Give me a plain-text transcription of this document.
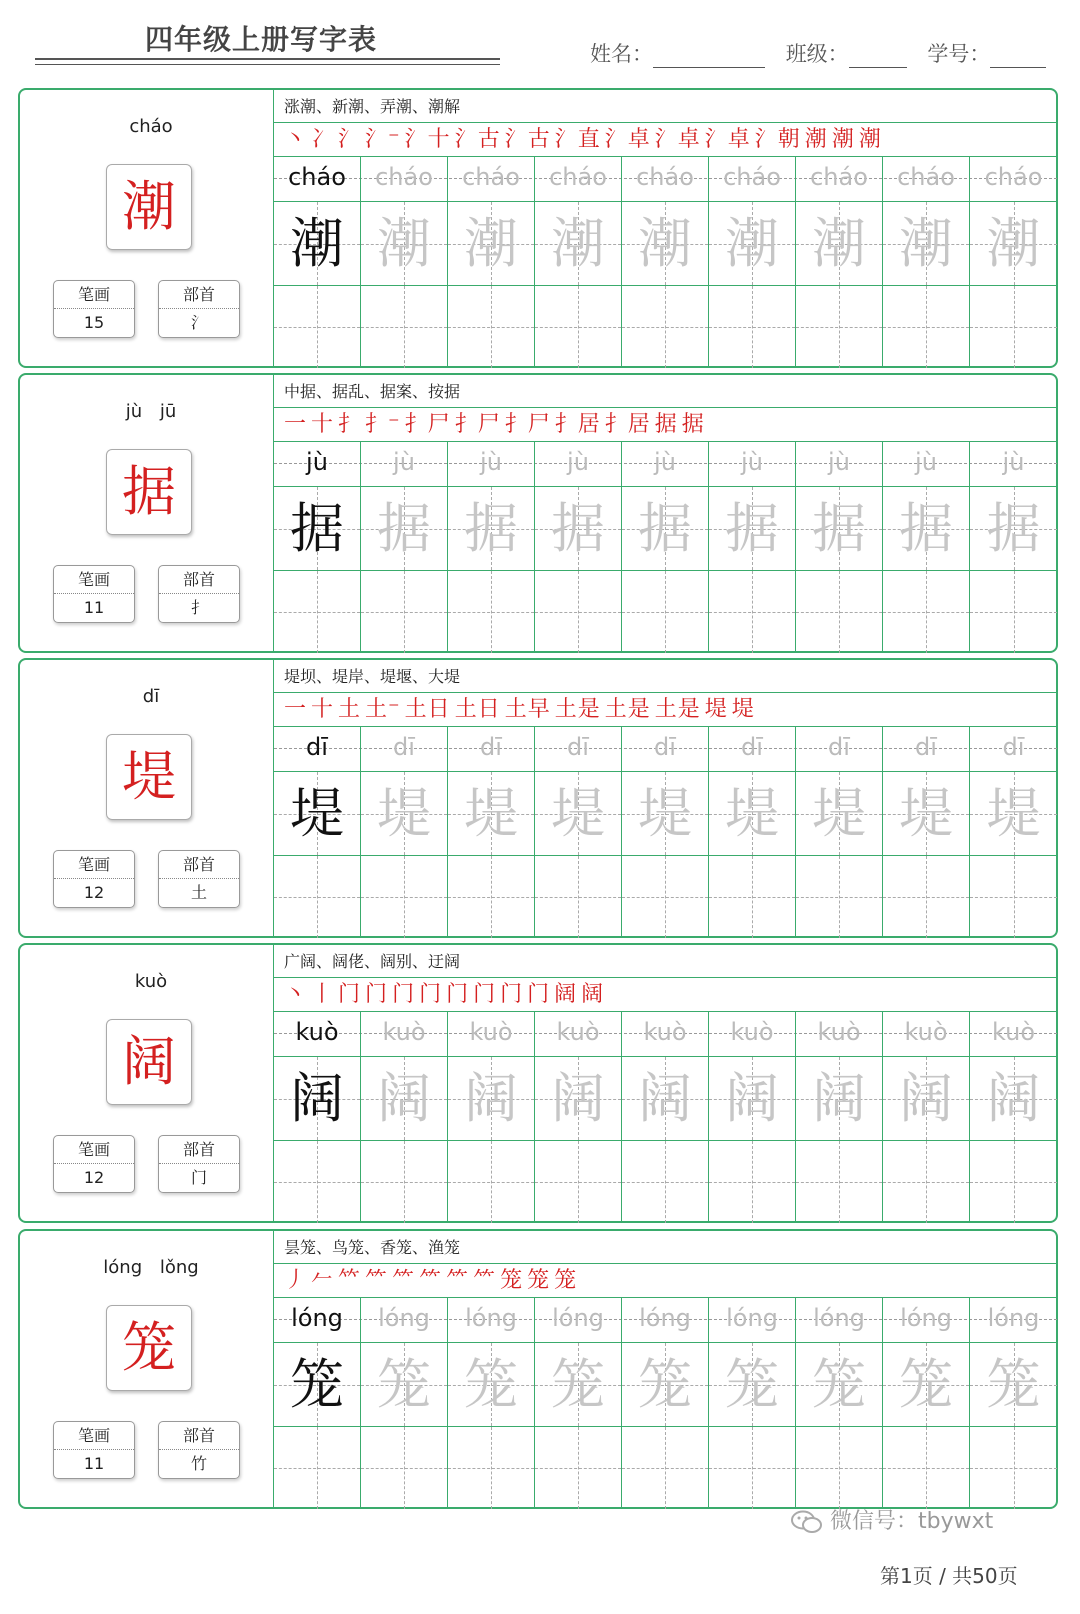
四年级上册写字表	姓名：	班级：	学号：
cháo
潮
笔画
15
部首
氵
涨潮、新潮、弄潮、潮解
丶 冫 氵 氵⁻ 氵十 氵古 氵古 氵直 氵卓 氵卓 氵卓 氵朝 潮 潮 潮
cháo	cháo	cháo	cháo	cháo	cháo	cháo	cháo	cháo
潮 潮 潮 潮 潮 潮 潮 潮 潮
jù jū
据
笔画
11
部首
扌
中据、据乱、据案、按据
一 十 扌 扌⁻ 扌尸 扌尸 扌尸 扌居 扌居 据 据
jù	jù	jù	jù	jù	jù	jù	jù	jù
据 据 据 据 据 据 据 据 据
dī
堤
笔画
12
部首
土
堤坝、堤岸、堤堰、大堤
一 十 土 土⁻ 土日 土日 土早 土是 土是 土是 堤 堤
dī	dī	dī	dī	dī	dī	dī	dī	dī
堤 堤 堤 堤 堤 堤 堤 堤 堤
kuò
阔
笔画
12
部首
门
广阔、阔佬、阔别、迂阔
丶 丨 门 门 门 门 门 门 门 门 阔 阔
kuò	kuò	kuò	kuò	kuò	kuò	kuò	kuò	kuò
阔 阔 阔 阔 阔 阔 阔 阔 阔
lóng lǒng
笼
笔画
11
部首
竹
昙笼、鸟笼、香笼、渔笼
丿 𠂉 𥫗 ⺮ ⺮ ⺮ ⺮ ⺮ 笼 笼 笼
lóng	lóng	lóng	lóng	lóng	lóng	lóng	lóng	lóng
笼 笼 笼 笼 笼 笼 笼 笼 笼
微信号：tbywxt
第1页 / 共50页
